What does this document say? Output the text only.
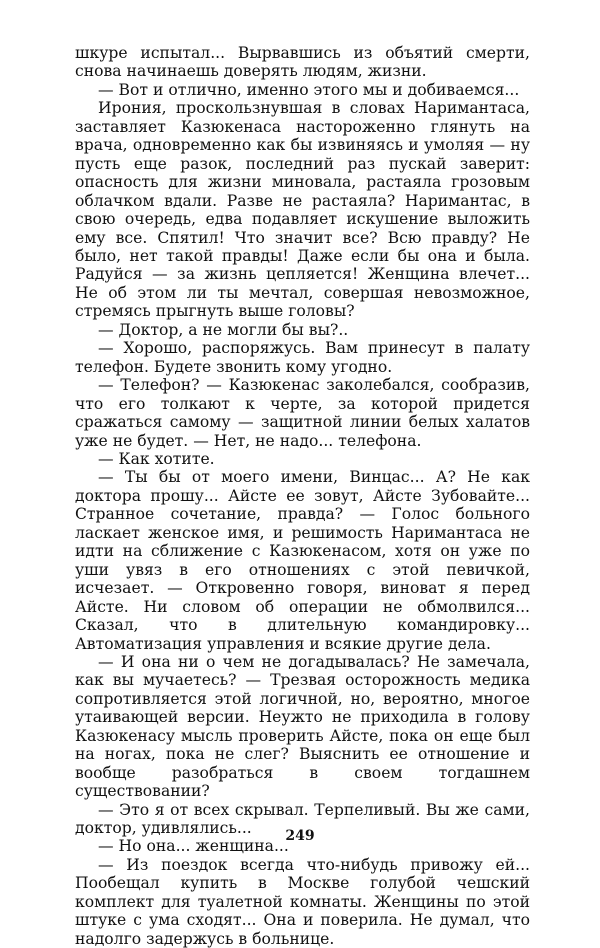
шкуре испытал... Вырвавшись из объятий смерти, снова начинаешь доверять людям, жизни.

— Вот и отлично, именно этого мы и добиваемся...

Ирония, проскользнувшая в словах Наримантаса, заставляет Казюкенаса настороженно глянуть на врача, одновременно как бы извиняясь и умоляя — ну пусть еще разок, последний раз пускай заверит: опасность для жизни миновала, растаяла грозовым облачком вдали. Разве не растаяла? Наримантас, в свою очередь, едва подавляет искушение выложить ему все. Спятил! Что значит все? Всю правду? Не было, нет такой правды! Даже если бы она и была. Радуйся — за жизнь цепляется! Женщина влечет... Не об этом ли ты мечтал, совершая невозможное, стремясь прыгнуть выше головы?

— Доктор, а не могли бы вы?..

— Хорошо, распоряжусь. Вам принесут в палату телефон. Будете звонить кому угодно.

— Телефон? — Казюкенас заколебался, сообразив, что его толкают к черте, за которой придется сражаться самому — защитной линии белых халатов уже не будет. — Нет, не надо... телефона.

— Как хотите.

— Ты бы от моего имени, Винцас... А? Не как доктора прошу... Айсте ее зовут, Айсте Зубовайте... Странное сочетание, правда? — Голос больного ласкает женское имя, и решимость Наримантаса не идти на сближение с Казюкенасом, хотя он уже по уши увяз в его отношениях с этой певичкой, исчезает. — Откровенно говоря, виноват я перед Айсте. Ни словом об операции не обмолвился... Сказал, что в длительную командировку... Автоматизация управления и всякие другие дела.

— И она ни о чем не догадывалась? Не замечала, как вы мучаетесь? — Трезвая осторожность медика сопротивляется этой логичной, но, вероятно, многое утаивающей версии. Неужто не приходила в голову Казюкенасу мысль проверить Айсте, пока он еще был на ногах, пока не слег? Выяснить ее отношение и вообще разобраться в своем тогдашнем существовании?

— Это я от всех скрывал. Терпеливый. Вы же сами, доктор, удивлялись...

— Но она... женщина...

— Из поездок всегда что-нибудь привожу ей... Пообещал купить в Москве голубой чешский комплект для туалетной комнаты. Женщины по этой штуке с ума сходят... Она и поверила. Не думал, что надолго задержусь в больнице.

249
